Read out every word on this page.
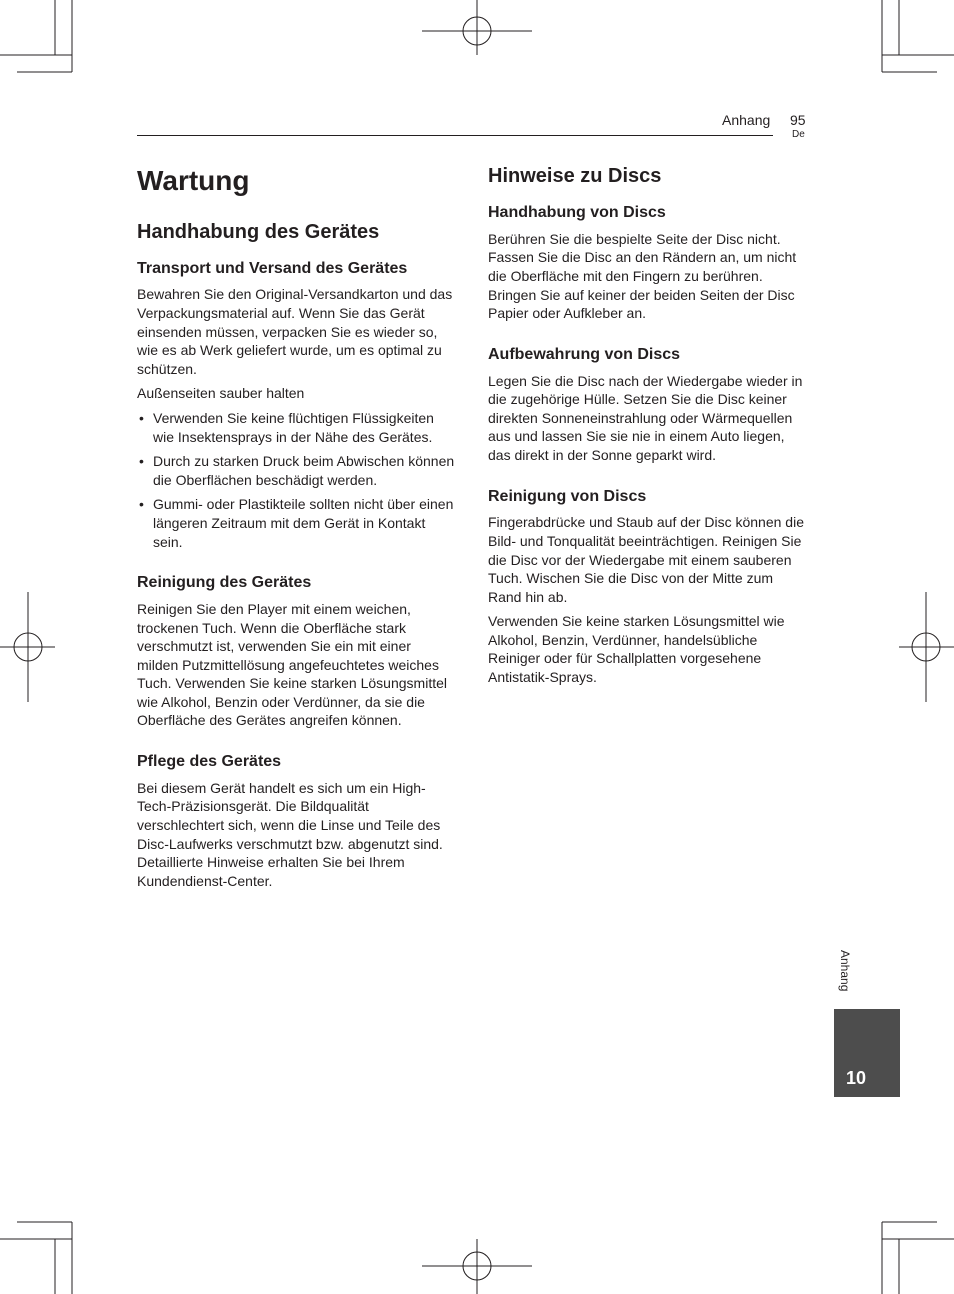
Anhang 95
De
Wartung
Handhabung des Gerätes
Transport und Versand des Gerätes

Bewahren Sie den Original-Versandkarton und das Verpackungsmaterial auf. Wenn Sie das Gerät einsenden müssen, verpacken Sie es wieder so, wie es ab Werk geliefert wurde, um es optimal zu schützen.

Außenseiten sauber halten

• Verwenden Sie keine flüchtigen Flüssigkeiten wie Insektensprays in der Nähe des Gerätes.
• Durch zu starken Druck beim Abwischen können die Oberflächen beschädigt werden.
• Gummi- oder Plastikteile sollten nicht über einen längeren Zeitraum mit dem Gerät in Kontakt sein.
Reinigung des Gerätes

Reinigen Sie den Player mit einem weichen, trockenen Tuch. Wenn die Oberfläche stark verschmutzt ist, verwenden Sie ein mit einer milden Putzmittellösung angefeuchtetes weiches Tuch. Verwenden Sie keine starken Lösungsmittel wie Alkohol, Benzin oder Verdünner, da sie die Oberfläche des Gerätes angreifen können.

Pflege des Gerätes

Bei diesem Gerät handelt es sich um ein High-Tech-Präzisionsgerät. Die Bildqualität verschlechtert sich, wenn die Linse und Teile des Disc-Laufwerks verschmutzt bzw. abgenutzt sind. Detaillierte Hinweise erhalten Sie bei Ihrem Kundendienst-Center.

Hinweise zu Discs
Handhabung von Discs

Berühren Sie die bespielte Seite der Disc nicht. Fassen Sie die Disc an den Rändern an, um nicht die Oberfläche mit den Fingern zu berühren. Bringen Sie auf keiner der beiden Seiten der Disc Papier oder Aufkleber an.

Aufbewahrung von Discs

Legen Sie die Disc nach der Wiedergabe wieder in die zugehörige Hülle. Setzen Sie die Disc keiner direkten Sonneneinstrahlung oder Wärmequellen aus und lassen Sie sie nie in einem Auto liegen, das direkt in der Sonne geparkt wird.

Reinigung von Discs

Fingerabdrücke und Staub auf der Disc können die Bild- und Tonqualität beeinträchtigen. Reinigen Sie die Disc vor der Wiedergabe mit einem sauberen Tuch. Wischen Sie die Disc von der Mitte zum Rand hin ab.

Verwenden Sie keine starken Lösungsmittel wie Alkohol, Benzin, Verdünner, handelsübliche Reiniger oder für Schallplatten vorgesehene Antistatik-Sprays.

Anhang
10
